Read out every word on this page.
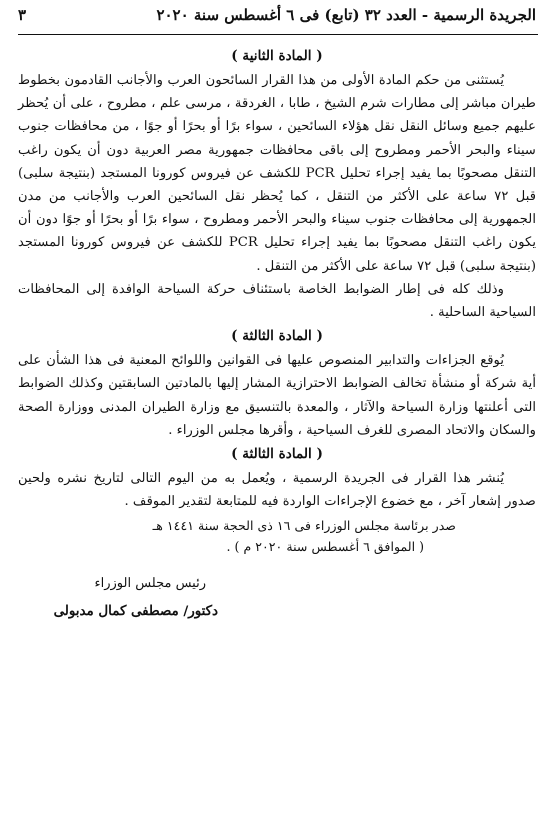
الجريدة الرسمية - العدد ٣٢ (تابع) فى ٦ أغسطس سنة ٢٠٢٠
٣
( المادة الثانية )

يُستثنى من حكم المادة الأولى من هذا القرار السائحون العرب والأجانب القادمون بخطوط طيران مباشر إلى مطارات شرم الشيخ ، طابا ، الغردقة ، مرسى علم ، مطروح ، على أن يُحظر عليهم جميع وسائل النقل نقل هؤلاء السائحين ، سواء برًا أو بحرًا أو جوًا ، من محافظات جنوب سيناء والبحر الأحمر ومطروح إلى باقى محافظات جمهورية مصر العربية دون أن يكون راغب التنقل مصحوبًا بما يفيد إجراء تحليل PCR للكشف عن فيروس كورونا المستجد (بنتيجة سلبى) قبل ٧٢ ساعة على الأكثر من التنقل ، كما يُحظر نقل السائحين العرب والأجانب من مدن الجمهورية إلى محافظات جنوب سيناء والبحر الأحمر ومطروح ، سواء برًا أو بحرًا أو جوًا دون أن يكون راغب التنقل مصحوبًا بما يفيد إجراء تحليل PCR للكشف عن فيروس كورونا المستجد (بنتيجة سلبى) قبل ٧٢ ساعة على الأكثر من التنقل .

وذلك كله فى إطار الضوابط الخاصة باستئناف حركة السياحة الوافدة إلى المحافظات السياحية الساحلية .

( المادة الثالثة )

يُوقع الجزاءات والتدابير المنصوص عليها فى القوانين واللوائح المعنية فى هذا الشأن على أية شركة أو منشأة تخالف الضوابط الاحترازية المشار إليها بالمادتين السابقتين وكذلك الضوابط التى أعلنتها وزارة السياحة والآثار ، والمعدة بالتنسيق مع وزارة الطيران المدنى ووزارة الصحة والسكان والاتحاد المصرى للغرف السياحية ، وأقرها مجلس الوزراء .

( المادة الثالثة )

يُنشر هذا القرار فى الجريدة الرسمية ، ويُعمل به من اليوم التالى لتاريخ نشره ولحين صدور إشعار آخر ، مع خضوع الإجراءات الواردة فيه للمتابعة لتقدير الموقف .

صدر برئاسة مجلس الوزراء فى ١٦ ذى الحجة سنة ١٤٤١ هـ
( الموافق ٦ أغسطس سنة ٢٠٢٠ م ) .
رئيس مجلس الوزراء
دكتور/ مصطفى كمال مدبولى
